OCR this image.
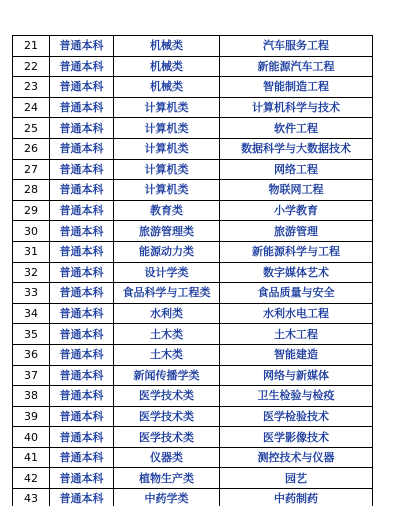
21	普通本科	机械类	汽车服务工程
22	普通本科	机械类	新能源汽车工程
23	普通本科	机械类	智能制造工程
24	普通本科	计算机类	计算机科学与技术
25	普通本科	计算机类	软件工程
26	普通本科	计算机类	数据科学与大数据技术
27	普通本科	计算机类	网络工程
28	普通本科	计算机类	物联网工程
29	普通本科	教育类	小学教育
30	普通本科	旅游管理类	旅游管理
31	普通本科	能源动力类	新能源科学与工程
32	普通本科	设计学类	数字媒体艺术
33	普通本科	食品科学与工程类	食品质量与安全
34	普通本科	水利类	水利水电工程
35	普通本科	土木类	土木工程
36	普通本科	土木类	智能建造
37	普通本科	新闻传播学类	网络与新媒体
38	普通本科	医学技术类	卫生检验与检疫
39	普通本科	医学技术类	医学检验技术
40	普通本科	医学技术类	医学影像技术
41	普通本科	仪器类	测控技术与仪器
42	普通本科	植物生产类	园艺
43	普通本科	中药学类	中药制药
